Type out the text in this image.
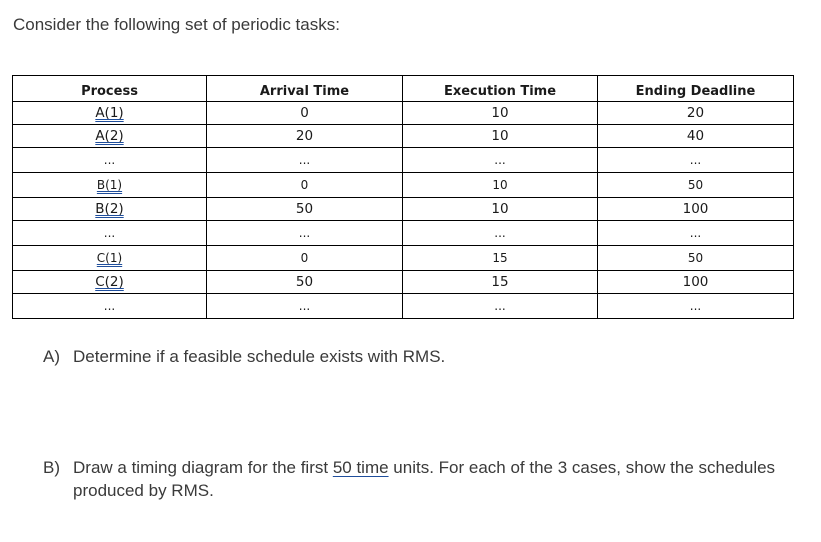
Consider the following set of periodic tasks:

Process	Arrival Time	Execution Time	Ending Deadline
A(1)	0	10	20
A(2)	20	10	40
...	...	...	...
B(1)	0	10	50
B(2)	50	10	100
...	...	...	...
C(1)	0	15	50
C(2)	50	15	100
...	...	...	...
A) Determine if a feasible schedule exists with RMS.
B) Draw a timing diagram for the first 50 time units. For each of the 3 cases, show the schedules produced by RMS.
